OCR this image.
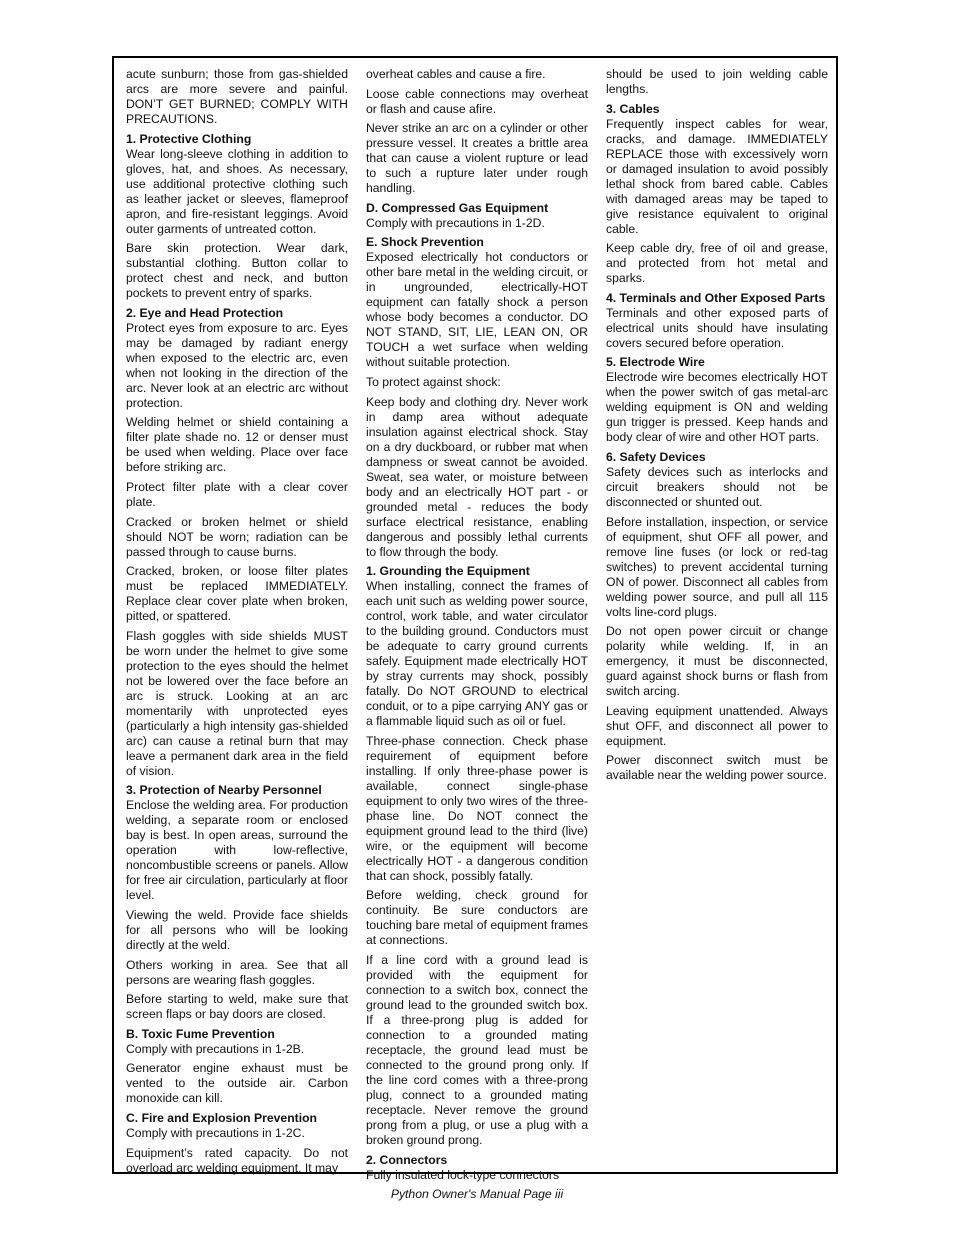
acute sunburn; those from gas-shielded arcs are more severe and painful. DON’T GET BURNED; COMPLY WITH PRECAUTIONS.

1. Protective Clothing

Wear long-sleeve clothing in addition to gloves, hat, and shoes. As necessary, use additional protective clothing such as leather jacket or sleeves, flameproof apron, and fire-resistant leggings. Avoid outer garments of untreated cotton.

Bare skin protection. Wear dark, substantial clothing. Button collar to protect chest and neck, and button pockets to prevent entry of sparks.

2. Eye and Head Protection

Protect eyes from exposure to arc. Eyes may be damaged by radiant energy when exposed to the electric arc, even when not looking in the direction of the arc. Never look at an electric arc without protection.

Welding helmet or shield containing a filter plate shade no. 12 or denser must be used when welding. Place over face before striking arc.

Protect filter plate with a clear cover plate.

Cracked or broken helmet or shield should NOT be worn; radiation can be passed through to cause burns.

Cracked, broken, or loose filter plates must be replaced IMMEDIATELY. Replace clear cover plate when broken, pitted, or spattered.

Flash goggles with side shields MUST be worn under the helmet to give some protection to the eyes should the helmet not be lowered over the face before an arc is struck. Looking at an arc momentarily with unprotected eyes (particularly a high intensity gas-shielded arc) can cause a retinal burn that may leave a permanent dark area in the field of vision.

3. Protection of Nearby Personnel

Enclose the welding area. For production welding, a separate room or enclosed bay is best. In open areas, surround the operation with low-reflective, noncombustible screens or panels. Allow for free air circulation, particularly at floor level.

Viewing the weld. Provide face shields for all persons who will be looking directly at the weld.

Others working in area. See that all persons are wearing flash goggles.

Before starting to weld, make sure that screen flaps or bay doors are closed.

B. Toxic Fume Prevention

Comply with precautions in 1-2B.

Generator engine exhaust must be vented to the outside air. Carbon monoxide can kill.

C. Fire and Explosion Prevention

Comply with precautions in 1-2C.

Equipment’s rated capacity. Do not overload arc welding equipment. It may

overheat cables and cause a fire.

Loose cable connections may overheat or flash and cause afire.

Never strike an arc on a cylinder or other pressure vessel. It creates a brittle area that can cause a violent rupture or lead to such a rupture later under rough handling.

D. Compressed Gas Equipment

Comply with precautions in 1-2D.

E. Shock Prevention

Exposed electrically hot conductors or other bare metal in the welding circuit, or in ungrounded, electrically-HOT equipment can fatally shock a person whose body becomes a conductor. DO NOT STAND, SIT, LIE, LEAN ON, OR TOUCH a wet surface when welding without suitable protection.

To protect against shock:

Keep body and clothing dry. Never work in damp area without adequate insulation against electrical shock. Stay on a dry duckboard, or rubber mat when dampness or sweat cannot be avoided. Sweat, sea water, or moisture between body and an electrically HOT part - or grounded metal - reduces the body surface electrical resistance, enabling dangerous and possibly lethal currents to flow through the body.

1. Grounding the Equipment

When installing, connect the frames of each unit such as welding power source, control, work table, and water circulator to the building ground. Conductors must be adequate to carry ground currents safely. Equipment made electrically HOT by stray currents may shock, possibly fatally. Do NOT GROUND to electrical conduit, or to a pipe carrying ANY gas or a flammable liquid such as oil or fuel.

Three-phase connection. Check phase requirement of equipment before installing. If only three-phase power is available, connect single-phase equipment to only two wires of the three-phase line. Do NOT connect the equipment ground lead to the third (live) wire, or the equipment will become electrically HOT - a dangerous condition that can shock, possibly fatally.

Before welding, check ground for continuity. Be sure conductors are touching bare metal of equipment frames at connections.

If a line cord with a ground lead is provided with the equipment for connection to a switch box, connect the ground lead to the grounded switch box. If a three-prong plug is added for connection to a grounded mating receptacle, the ground lead must be connected to the ground prong only. If the line cord comes with a three-prong plug, connect to a grounded mating receptacle. Never remove the ground prong from a plug, or use a plug with a broken ground prong.

2. Connectors

Fully insulated lock-type connectors

should be used to join welding cable lengths.

3. Cables

Frequently inspect cables for wear, cracks, and damage. IMMEDIATELY REPLACE those with excessively worn or damaged insulation to avoid possibly lethal shock from bared cable. Cables with damaged areas may be taped to give resistance equivalent to original cable.

Keep cable dry, free of oil and grease, and protected from hot metal and sparks.

4. Terminals and Other Exposed Parts

Terminals and other exposed parts of electrical units should have insulating covers secured before operation.

5. Electrode Wire

Electrode wire becomes electrically HOT when the power switch of gas metal-arc welding equipment is ON and welding gun trigger is pressed. Keep hands and body clear of wire and other HOT parts.

6. Safety Devices

Safety devices such as interlocks and circuit breakers should not be disconnected or shunted out.

Before installation, inspection, or service of equipment, shut OFF all power, and remove line fuses (or lock or red-tag switches) to prevent accidental turning ON of power. Disconnect all cables from welding power source, and pull all 115 volts line-cord plugs.

Do not open power circuit or change polarity while welding. If, in an emergency, it must be disconnected, guard against shock burns or flash from switch arcing.

Leaving equipment unattended. Always shut OFF, and disconnect all power to equipment.

Power disconnect switch must be available near the welding power source.

Python Owner's Manual Page iii
